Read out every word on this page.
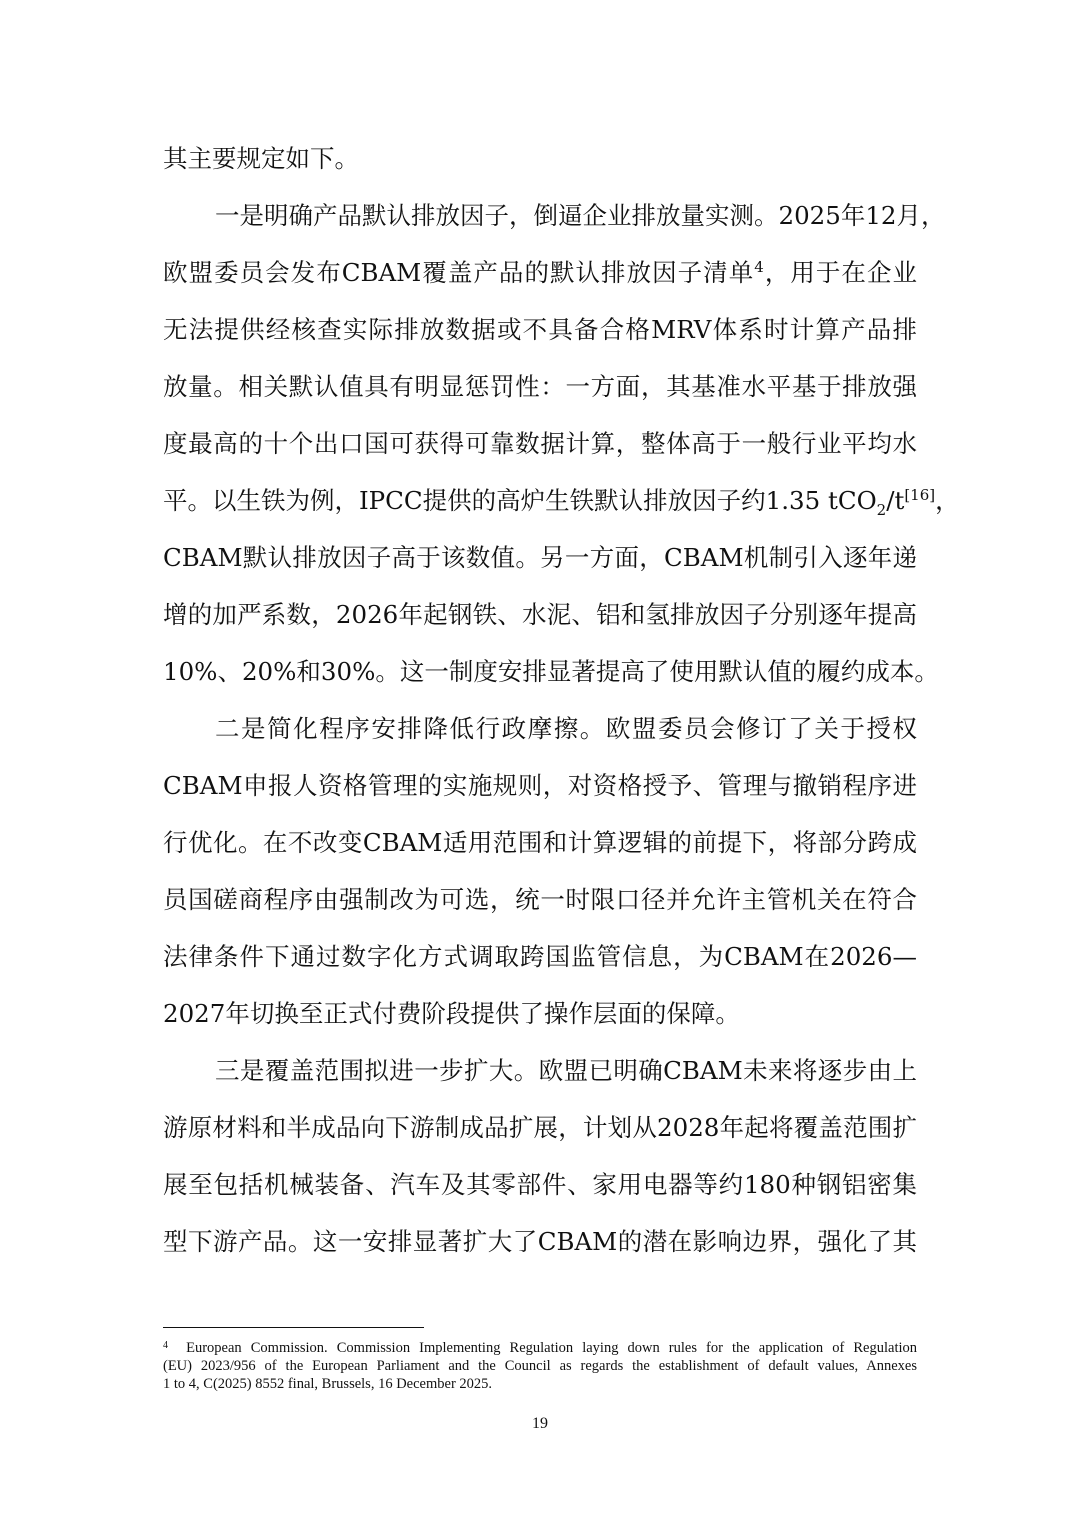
其主要规定如下。
一是明确产品默认排放因子，倒逼企业排放量实测。2025年12月，
欧盟委员会发布CBAM覆盖产品的默认排放因子清单$^4$，用于在企业
无法提供经核查实际排放数据或不具备合格MRV体系时计算产品排
放量。相关默认值具有明显惩罚性：一方面，其基准水平基于排放强
度最高的十个出口国可获得可靠数据计算，整体高于一般行业平均水
平。以生铁为例，IPCC提供的高炉生铁默认排放因子约1.35 tCO$_2$/t[16]，
CBAM默认排放因子高于该数值。另一方面，CBAM机制引入逐年递
增的加严系数，2026年起钢铁、水泥、铝和氢排放因子分别逐年提高
10%、20%和30%。这一制度安排显著提高了使用默认值的履约成本。
二是简化程序安排降低行政摩擦。欧盟委员会修订了关于授权
CBAM申报人资格管理的实施规则，对资格授予、管理与撤销程序进
行优化。在不改变CBAM适用范围和计算逻辑的前提下，将部分跨成
员国磋商程序由强制改为可选，统一时限口径并允许主管机关在符合
法律条件下通过数字化方式调取跨国监管信息，为CBAM在2026—
2027年切换至正式付费阶段提供了操作层面的保障。
三是覆盖范围拟进一步扩大。欧盟已明确CBAM未来将逐步由上
游原材料和半成品向下游制成品扩展，计划从2028年起将覆盖范围扩
展至包括机械装备、汽车及其零部件、家用电器等约180种钢铝密集
型下游产品。这一安排显著扩大了CBAM的潜在影响边界，强化了其
$^4$ European Commission. Commission Implementing Regulation laying down rules for the application of Regulation
(EU) 2023/956 of the European Parliament and the Council as regards the establishment of default values, Annexes
1 to 4, C(2025) 8552 final, Brussels, 16 December 2025.
19
